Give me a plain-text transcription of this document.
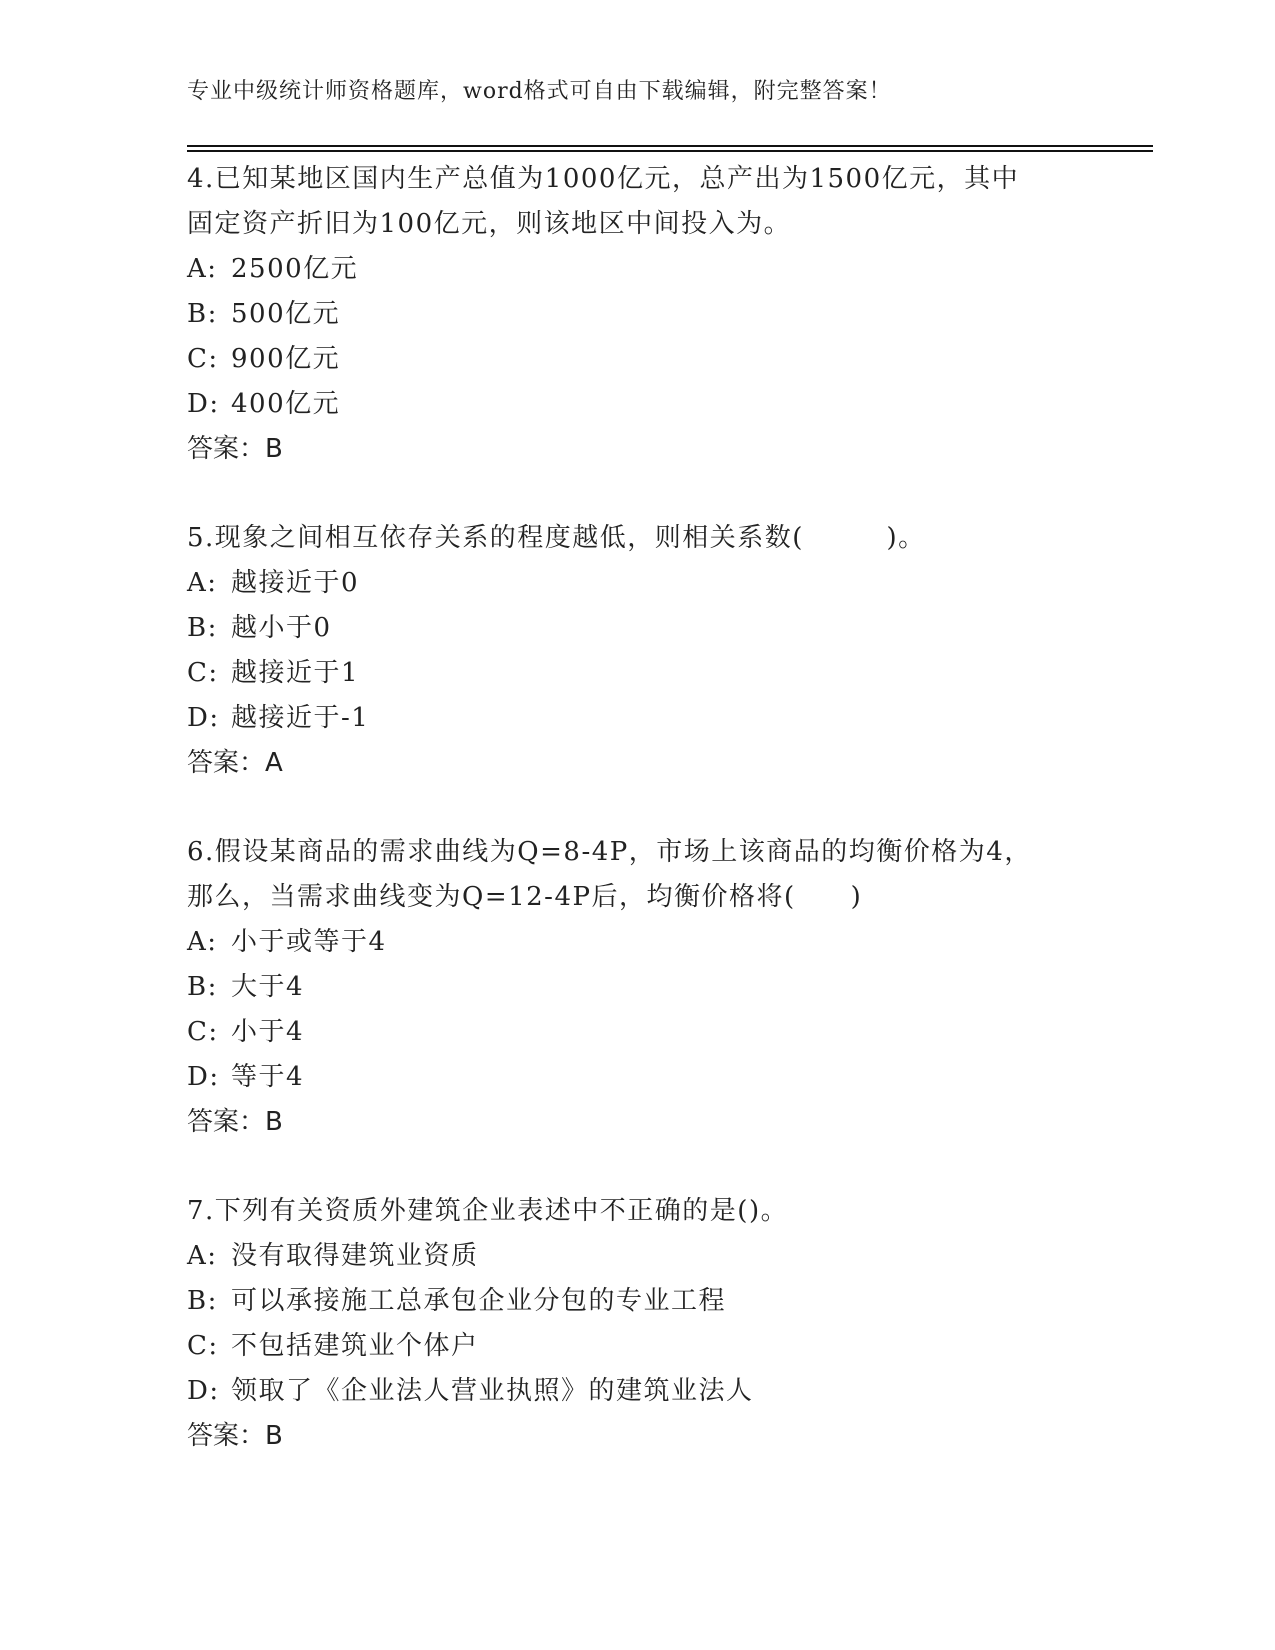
专业中级统计师资格题库，word格式可自由下载编辑，附完整答案！
4.已知某地区国内生产总值为1000亿元，总产出为1500亿元，其中
固定资产折旧为100亿元，则该地区中间投入为。
A: 2500亿元
B: 500亿元
C: 900亿元
D: 400亿元
答案：B
5.现象之间相互依存关系的程度越低，则相关系数(　　　)。
A: 越接近于0
B: 越小于0
C: 越接近于1
D: 越接近于-1
答案：A
6.假设某商品的需求曲线为Q=8-4P，市场上该商品的均衡价格为4，
那么，当需求曲线变为Q=12-4P后，均衡价格将(　　)
A: 小于或等于4
B: 大于4
C: 小于4
D: 等于4
答案：B
7.下列有关资质外建筑企业表述中不正确的是()。
A: 没有取得建筑业资质
B: 可以承接施工总承包企业分包的专业工程
C: 不包括建筑业个体户
D: 领取了《企业法人营业执照》的建筑业法人
答案：B
